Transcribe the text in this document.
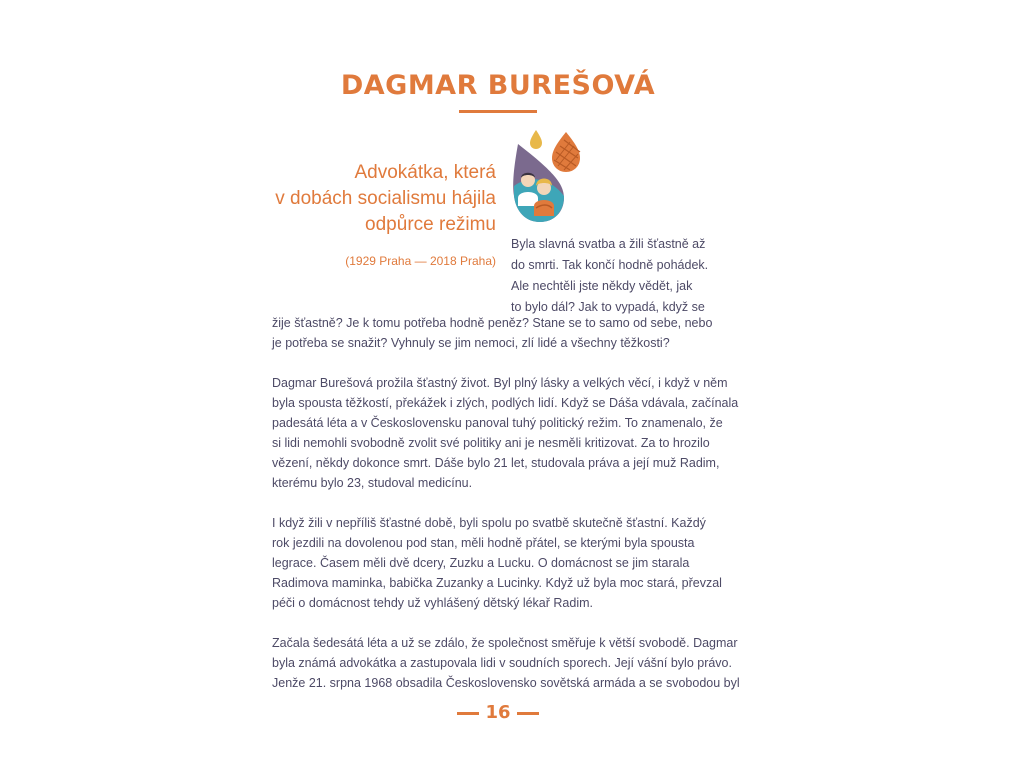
DAGMAR BUREŠOVÁ
Advokátka, která
v dobách socialismu hájila
odpůrce režimu
(1929 Praha — 2018 Praha)
Byla slavná svatba a žili šťastně až
do smrti. Tak končí hodně pohádek.
Ale nechtěli jste někdy vědět, jak
to bylo dál? Jak to vypadá, když se
žije šťastně? Je k tomu potřeba hodně peněz? Stane se to samo od sebe, nebo
je potřeba se snažit? Vyhnuly se jim nemoci, zlí lidé a všechny těžkosti?
Dagmar Burešová prožila šťastný život. Byl plný lásky a velkých věcí, i když v něm
byla spousta těžkostí, překážek i zlých, podlých lidí. Když se Dáša vdávala, začínala
padesátá léta a v Československu panoval tuhý politický režim. To znamenalo, že
si lidi nemohli svobodně zvolit své politiky ani je nesměli kritizovat. Za to hrozilo
vězení, někdy dokonce smrt. Dáše bylo 21 let, studovala práva a její muž Radim,
kterému bylo 23, studoval medicínu.
I když žili v nepříliš šťastné době, byli spolu po svatbě skutečně šťastní. Každý
rok jezdili na dovolenou pod stan, měli hodně přátel, se kterými byla spousta
legrace. Časem měli dvě dcery, Zuzku a Lucku. O domácnost se jim starala
Radimova maminka, babička Zuzanky a Lucinky. Když už byla moc stará, převzal
péči o domácnost tehdy už vyhlášený dětský lékař Radim.
Začala šedesátá léta a už se zdálo, že společnost směřuje k větší svobodě. Dagmar
byla známá advokátka a zastupovala lidi v soudních sporech. Její vášní bylo právo.
Jenže 21. srpna 1968 obsadila Československo sovětská armáda a se svobodou byl
16
